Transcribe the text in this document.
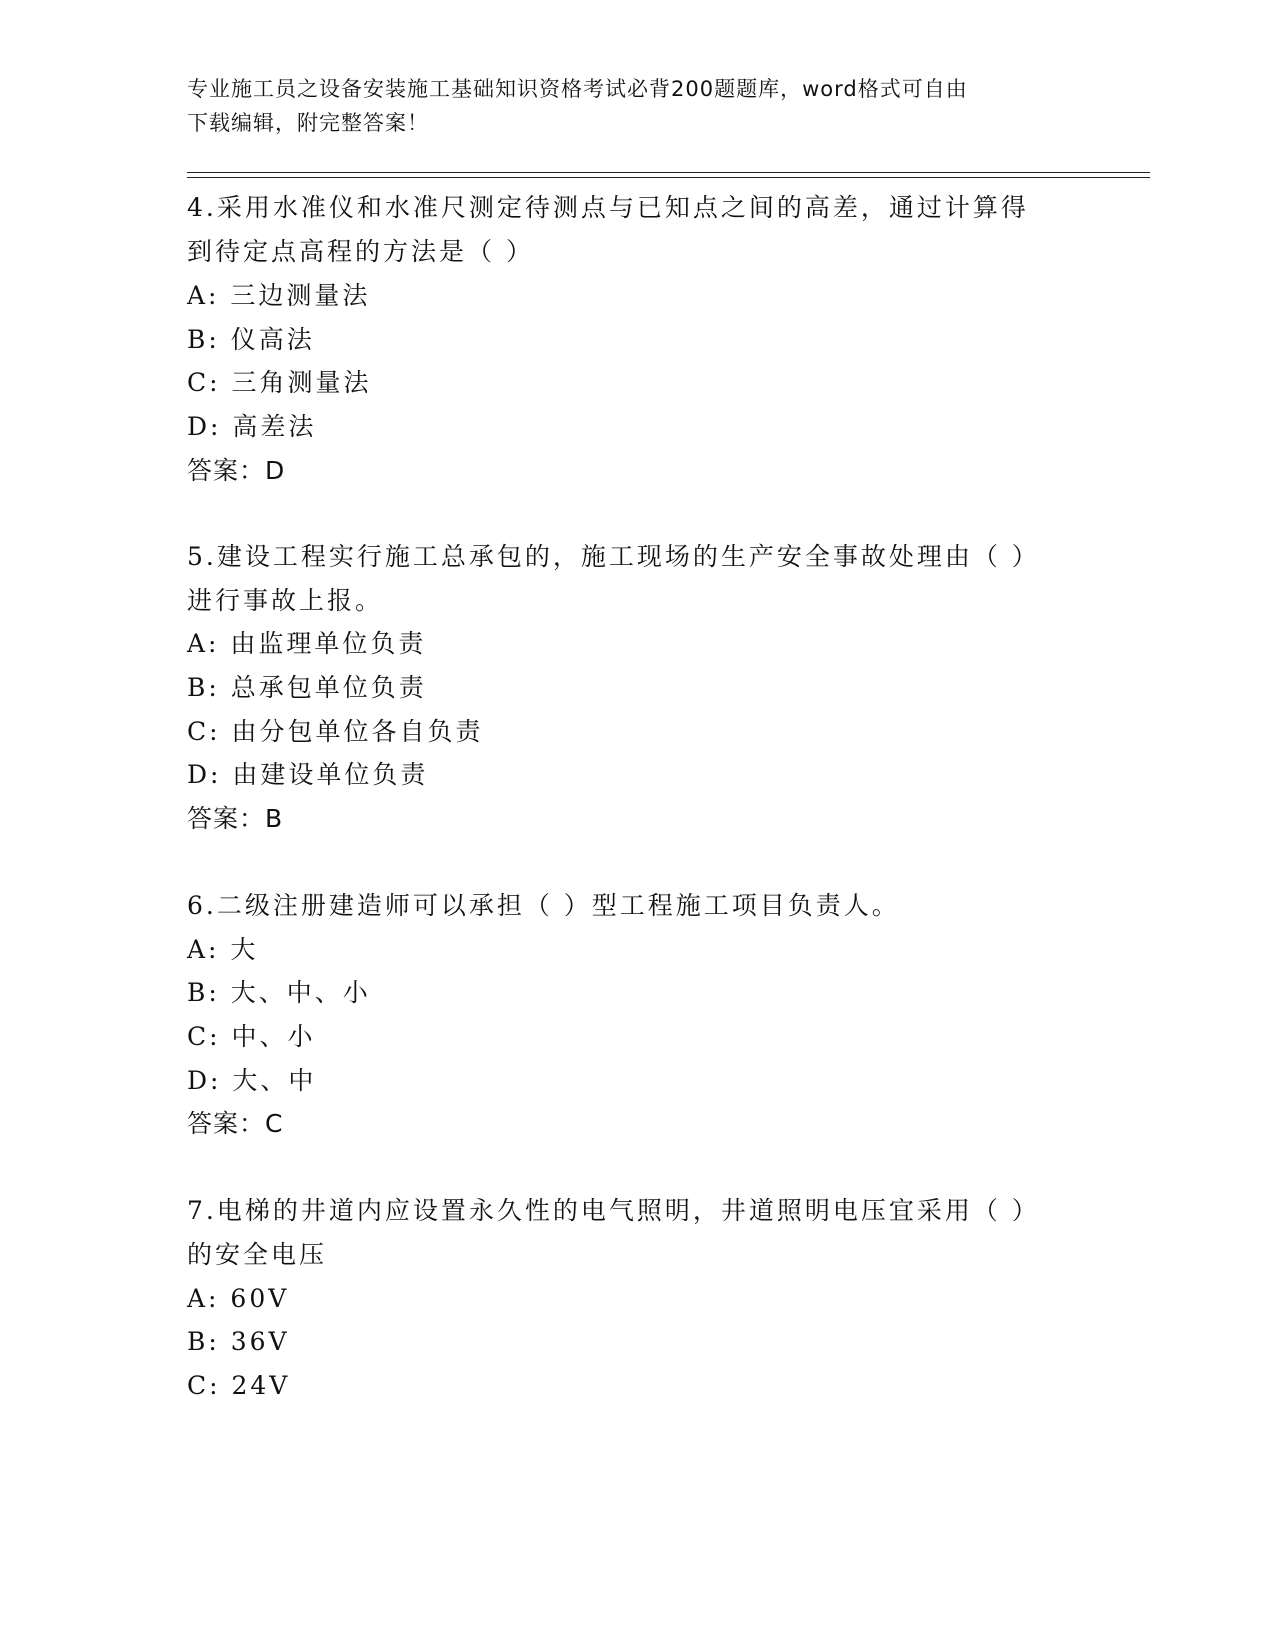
专业施工员之设备安装施工基础知识资格考试必背200题题库，word格式可自由
下载编辑，附完整答案！
4.采用水准仪和水准尺测定待测点与已知点之间的高差，通过计算得
到待定点高程的方法是（ ）
A: 三边测量法
B: 仪高法
C: 三角测量法
D: 高差法
答案：D
5.建设工程实行施工总承包的，施工现场的生产安全事故处理由（ ）
进行事故上报。
A: 由监理单位负责
B: 总承包单位负责
C: 由分包单位各自负责
D: 由建设单位负责
答案：B
6.二级注册建造师可以承担（ ）型工程施工项目负责人。
A: 大
B: 大、中、小
C: 中、小
D: 大、中
答案：C
7.电梯的井道内应设置永久性的电气照明，井道照明电压宜采用（ ）
的安全电压
A: 60V
B: 36V
C: 24V
